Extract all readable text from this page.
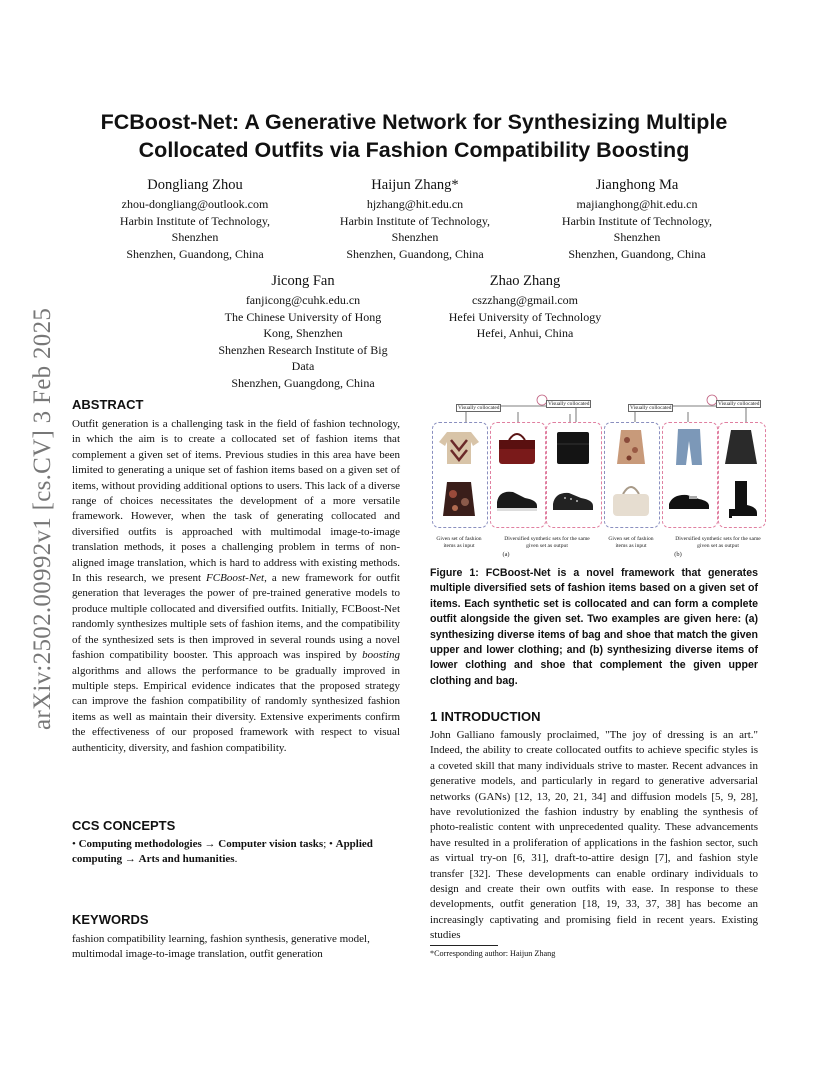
arXiv:2502.00992v1 [cs.CV] 3 Feb 2025
FCBoost-Net: A Generative Network for Synthesizing Multiple
Collocated Outfits via Fashion Compatibility Boosting
Dongliang Zhou
zhou-dongliang@outlook.com
Harbin Institute of Technology,
Shenzhen
Shenzhen, Guandong, China
Haijun Zhang*
hjzhang@hit.edu.cn
Harbin Institute of Technology,
Shenzhen
Shenzhen, Guandong, China
Jianghong Ma
majianghong@hit.edu.cn
Harbin Institute of Technology,
Shenzhen
Shenzhen, Guandong, China
Jicong Fan
fanjicong@cuhk.edu.cn
The Chinese University of Hong
Kong, Shenzhen
Shenzhen Research Institute of Big
Data
Shenzhen, Guangdong, China
Zhao Zhang
cszzhang@gmail.com
Hefei University of Technology
Hefei, Anhui, China
ABSTRACT
Outfit generation is a challenging task in the field of fashion technology, in which the aim is to create a collocated set of fashion items that complement a given set of items. Previous studies in this area have been limited to generating a unique set of fashion items based on a given set of items, without providing additional options to users. This lack of a diverse range of choices necessitates the development of a more versatile framework. However, when the task of generating collocated and diversified outfits is approached with multimodal image-to-image translation methods, it poses a challenging problem in terms of non-aligned image translation, which is hard to address with existing methods. In this research, we present FCBoost-Net, a new framework for outfit generation that leverages the power of pre-trained generative models to produce multiple collocated and diversified outfits. Initially, FCBoost-Net randomly synthesizes multiple sets of fashion items, and the compatibility of the synthesized sets is then improved in several rounds using a novel fashion compatibility booster. This approach was inspired by boosting algorithms and allows the performance to be gradually improved in multiple steps. Empirical evidence indicates that the proposed strategy can improve the fashion compatibility of randomly synthesized fashion items as well as maintain their diversity. Extensive experiments confirm the effectiveness of our proposed framework with respect to visual authenticity, diversity, and fashion compatibility.
CCS CONCEPTS
• Computing methodologies → Computer vision tasks; • Applied computing → Arts and humanities.
KEYWORDS
fashion compatibility learning, fashion synthesis, generative model, multimodal image-to-image translation, outfit generation
Visually collocated
Visually collocated
Visually collocated
Visually collocated
Given set of fashion items as input
Diversified synthetic sets for the same given set as output
(a)
Given set of fashion items as input
Diversified synthetic sets for the same given set as output
(b)
Figure 1: FCBoost-Net is a novel framework that generates multiple diversified sets of fashion items based on a given set of items. Each synthetic set is collocated and can form a complete outfit alongside the given set. Two examples are given here: (a) synthesizing diverse items of bag and shoe that match the given upper and lower clothing; and (b) synthesizing diverse items of lower clothing and shoe that complement the given upper clothing and bag.
1 INTRODUCTION
John Galliano famously proclaimed, "The joy of dressing is an art." Indeed, the ability to create collocated outfits to achieve specific styles is a coveted skill that many individuals strive to master. Recent advances in generative models, and particularly in regard to generative adversarial networks (GANs) [12, 13, 20, 21, 34] and diffusion models [5, 9, 28], have revolutionized the fashion industry by enabling the synthesis of photo-realistic content with unprecedented quality. These advancements have resulted in a proliferation of applications in the fashion sector, such as virtual try-on [6, 31], draft-to-attire design [7], and fashion style transfer [32]. These developments can enable ordinary individuals to design and create their own outfits with ease. In response to these developments, outfit generation [18, 19, 33, 37, 38] has become an increasingly captivating and promising field in recent years. Existing studies
*Corresponding author: Haijun Zhang
